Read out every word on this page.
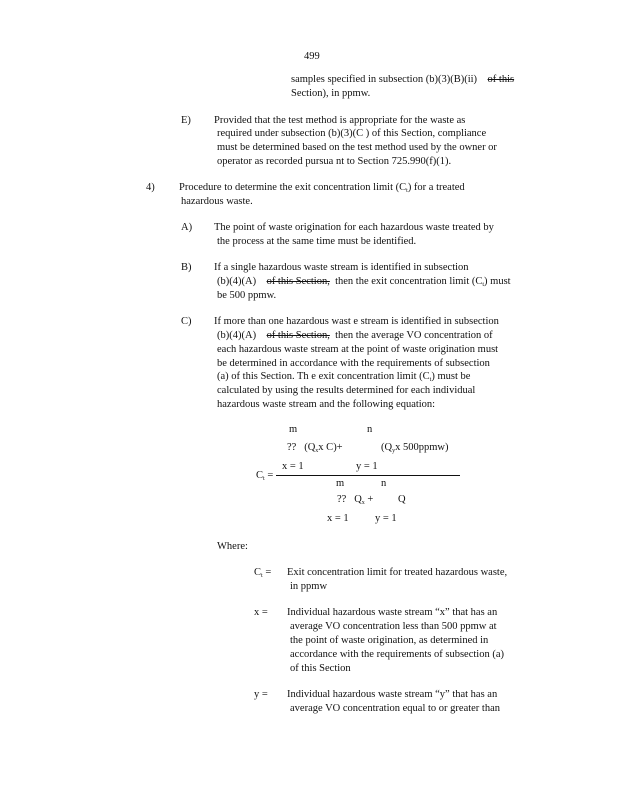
499
samples specified in subsection (b)(3)(B)(ii) of this
Section), in ppmw.
E) Provided that the test method is appropriate for the waste as
required under subsection (b)(3)(C ) of this Section, compliance
must be determined based on the test method used by the owner or
operator as recorded pursua nt to Section 725.990(f)(1).
4) Procedure to determine the exit concentration limit $(C_t)$ for a treated
hazardous waste.
A) The point of waste origination for each hazardous waste treated by
the process at the same time must be identified.
B) If a single hazardous waste stream is identified in subsection
(b)(4)(A) of this Section, then the exit concentration limit $(C_t)$ must
be 500 ppmw.
C) If more than one hazardous wast e stream is identified in subsection
(b)(4)(A) of this Section, then the average VO concentration of
each hazardous waste stream at the point of waste origination must
be determined in accordance with the requirements of subsection
(a) of this Section. Th e exit concentration limit $(C_t)$ must be
calculated by using the results determined for each individual
hazardous waste stream and the following equation:
m	n
?? ($Q_xx$ C)+	($Q_yx$ 500ppmw)
x = 1	y = 1
$C_t$ =
m	n
?? $Q_x + Q$
x = 1	y = 1
Where:
$C_t$ = Exit concentration limit for treated hazardous waste,
in ppmw
x = Individual hazardous waste stream “x” that has an
average VO concentration less than 500 ppmw at
the point of waste origination, as determined in
accordance with the requirements of subsection (a)
of this Section
y = Individual hazardous waste stream “y” that has an
average VO concentration equal to or greater than
